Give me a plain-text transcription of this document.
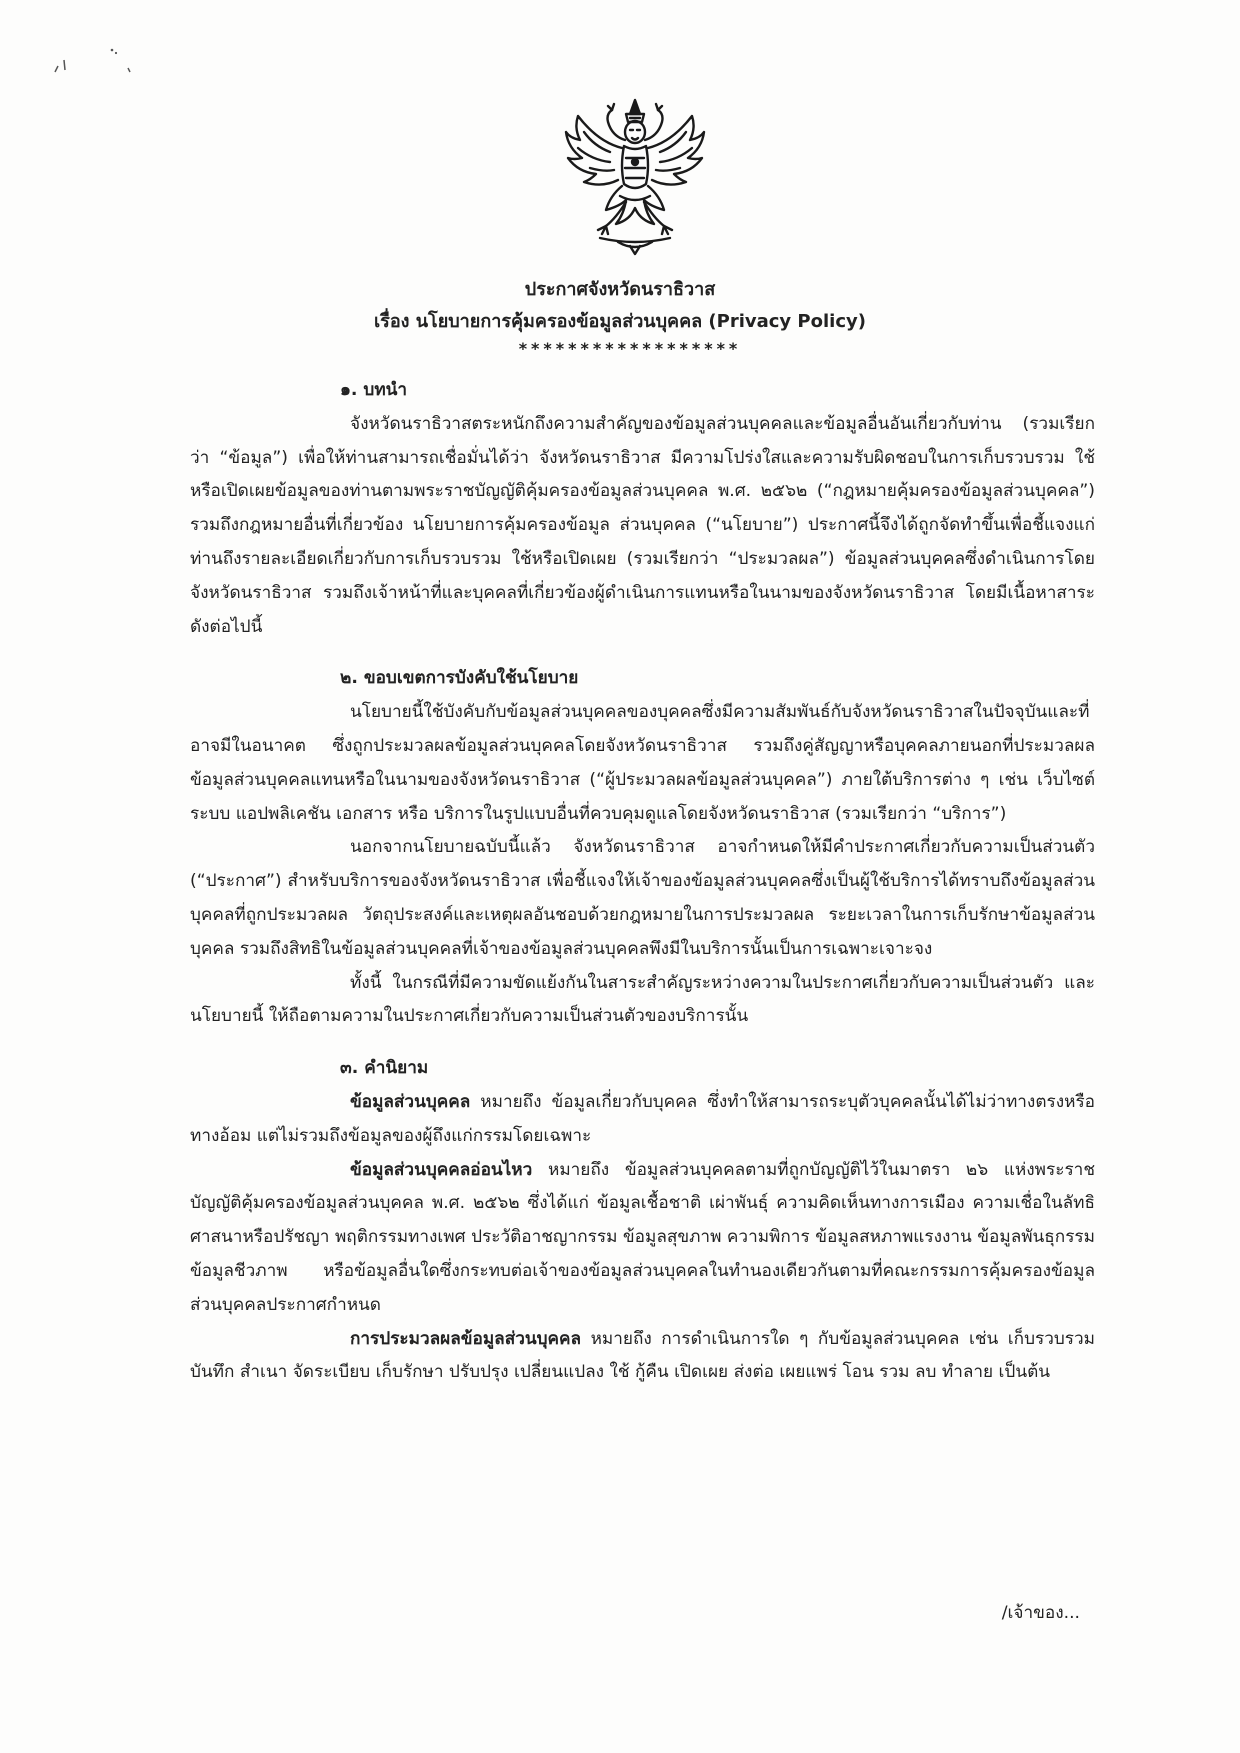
ประกาศจังหวัดนราธิวาส
เรื่อง นโยบายการคุ้มครองข้อมูลส่วนบุคคล (Privacy Policy)
******************
๑. บทนำ

จังหวัดนราธิวาสตระหนักถึงความสำคัญของข้อมูลส่วนบุคคลและข้อมูลอื่นอันเกี่ยวกับท่าน (รวมเรียกว่า “ข้อมูล”) เพื่อให้ท่านสามารถเชื่อมั่นได้ว่า จังหวัดนราธิวาส มีความโปร่งใสและความรับผิดชอบในการเก็บรวบรวม ใช้หรือเปิดเผยข้อมูลของท่านตามพระราชบัญญัติคุ้มครองข้อมูลส่วนบุคคล พ.ศ. ๒๕๖๒ (“กฎหมายคุ้มครองข้อมูลส่วนบุคคล”) รวมถึงกฎหมายอื่นที่เกี่ยวข้อง นโยบายการคุ้มครองข้อมูล ส่วนบุคคล (“นโยบาย”) ประกาศนี้จึงได้ถูกจัดทำขึ้นเพื่อชี้แจงแก่ท่านถึงรายละเอียดเกี่ยวกับการเก็บรวบรวม ใช้หรือเปิดเผย (รวมเรียกว่า “ประมวลผล”) ข้อมูลส่วนบุคคลซึ่งดำเนินการโดยจังหวัดนราธิวาส รวมถึงเจ้าหน้าที่และบุคคลที่เกี่ยวข้องผู้ดำเนินการแทนหรือในนามของจังหวัดนราธิวาส โดยมีเนื้อหาสาระดังต่อไปนี้

๒. ขอบเขตการบังคับใช้นโยบาย

นโยบายนี้ใช้บังคับกับข้อมูลส่วนบุคคลของบุคคลซึ่งมีความสัมพันธ์กับจังหวัดนราธิวาสในปัจจุบันและที่อาจมีในอนาคต ซึ่งถูกประมวลผลข้อมูลส่วนบุคคลโดยจังหวัดนราธิวาส รวมถึงคู่สัญญาหรือบุคคลภายนอกที่ประมวลผลข้อมูลส่วนบุคคลแทนหรือในนามของจังหวัดนราธิวาส (“ผู้ประมวลผลข้อมูลส่วนบุคคล”) ภายใต้บริการต่าง ๆ เช่น เว็บไซต์ ระบบ แอปพลิเคชัน เอกสาร หรือ บริการในรูปแบบอื่นที่ควบคุมดูแลโดยจังหวัดนราธิวาส (รวมเรียกว่า “บริการ”)

นอกจากนโยบายฉบับนี้แล้ว จังหวัดนราธิวาส อาจกำหนดให้มีคำประกาศเกี่ยวกับความเป็นส่วนตัว (“ประกาศ”) สำหรับบริการของจังหวัดนราธิวาส เพื่อชี้แจงให้เจ้าของข้อมูลส่วนบุคคลซึ่งเป็นผู้ใช้บริการได้ทราบถึงข้อมูลส่วนบุคคลที่ถูกประมวลผล วัตถุประสงค์และเหตุผลอันชอบด้วยกฎหมายในการประมวลผล ระยะเวลาในการเก็บรักษาข้อมูลส่วนบุคคล รวมถึงสิทธิในข้อมูลส่วนบุคคลที่เจ้าของข้อมูลส่วนบุคคลพึงมีในบริการนั้นเป็นการเฉพาะเจาะจง

ทั้งนี้ ในกรณีที่มีความขัดแย้งกันในสาระสำคัญระหว่างความในประกาศเกี่ยวกับความเป็นส่วนตัว และนโยบายนี้ ให้ถือตามความในประกาศเกี่ยวกับความเป็นส่วนตัวของบริการนั้น

๓. คำนิยาม

ข้อมูลส่วนบุคคล หมายถึง ข้อมูลเกี่ยวกับบุคคล ซึ่งทำให้สามารถระบุตัวบุคคลนั้นได้ไม่ว่าทางตรงหรือทางอ้อม แต่ไม่รวมถึงข้อมูลของผู้ถึงแก่กรรมโดยเฉพาะ

ข้อมูลส่วนบุคคลอ่อนไหว หมายถึง ข้อมูลส่วนบุคคลตามที่ถูกบัญญัติไว้ในมาตรา ๒๖ แห่งพระราชบัญญัติคุ้มครองข้อมูลส่วนบุคคล พ.ศ. ๒๕๖๒ ซึ่งได้แก่ ข้อมูลเชื้อชาติ เผ่าพันธุ์ ความคิดเห็นทางการเมือง ความเชื่อในลัทธิ ศาสนาหรือปรัชญา พฤติกรรมทางเพศ ประวัติอาชญากรรม ข้อมูลสุขภาพ ความพิการ ข้อมูลสหภาพแรงงาน ข้อมูลพันธุกรรม ข้อมูลชีวภาพ หรือข้อมูลอื่นใดซึ่งกระทบต่อเจ้าของข้อมูลส่วนบุคคลในทำนองเดียวกันตามที่คณะกรรมการคุ้มครองข้อมูลส่วนบุคคลประกาศกำหนด

การประมวลผลข้อมูลส่วนบุคคล หมายถึง การดำเนินการใด ๆ กับข้อมูลส่วนบุคคล เช่น เก็บรวบรวม บันทึก สำเนา จัดระเบียบ เก็บรักษา ปรับปรุง เปลี่ยนแปลง ใช้ กู้คืน เปิดเผย ส่งต่อ เผยแพร่ โอน รวม ลบ ทำลาย เป็นต้น

/เจ้าของ...
